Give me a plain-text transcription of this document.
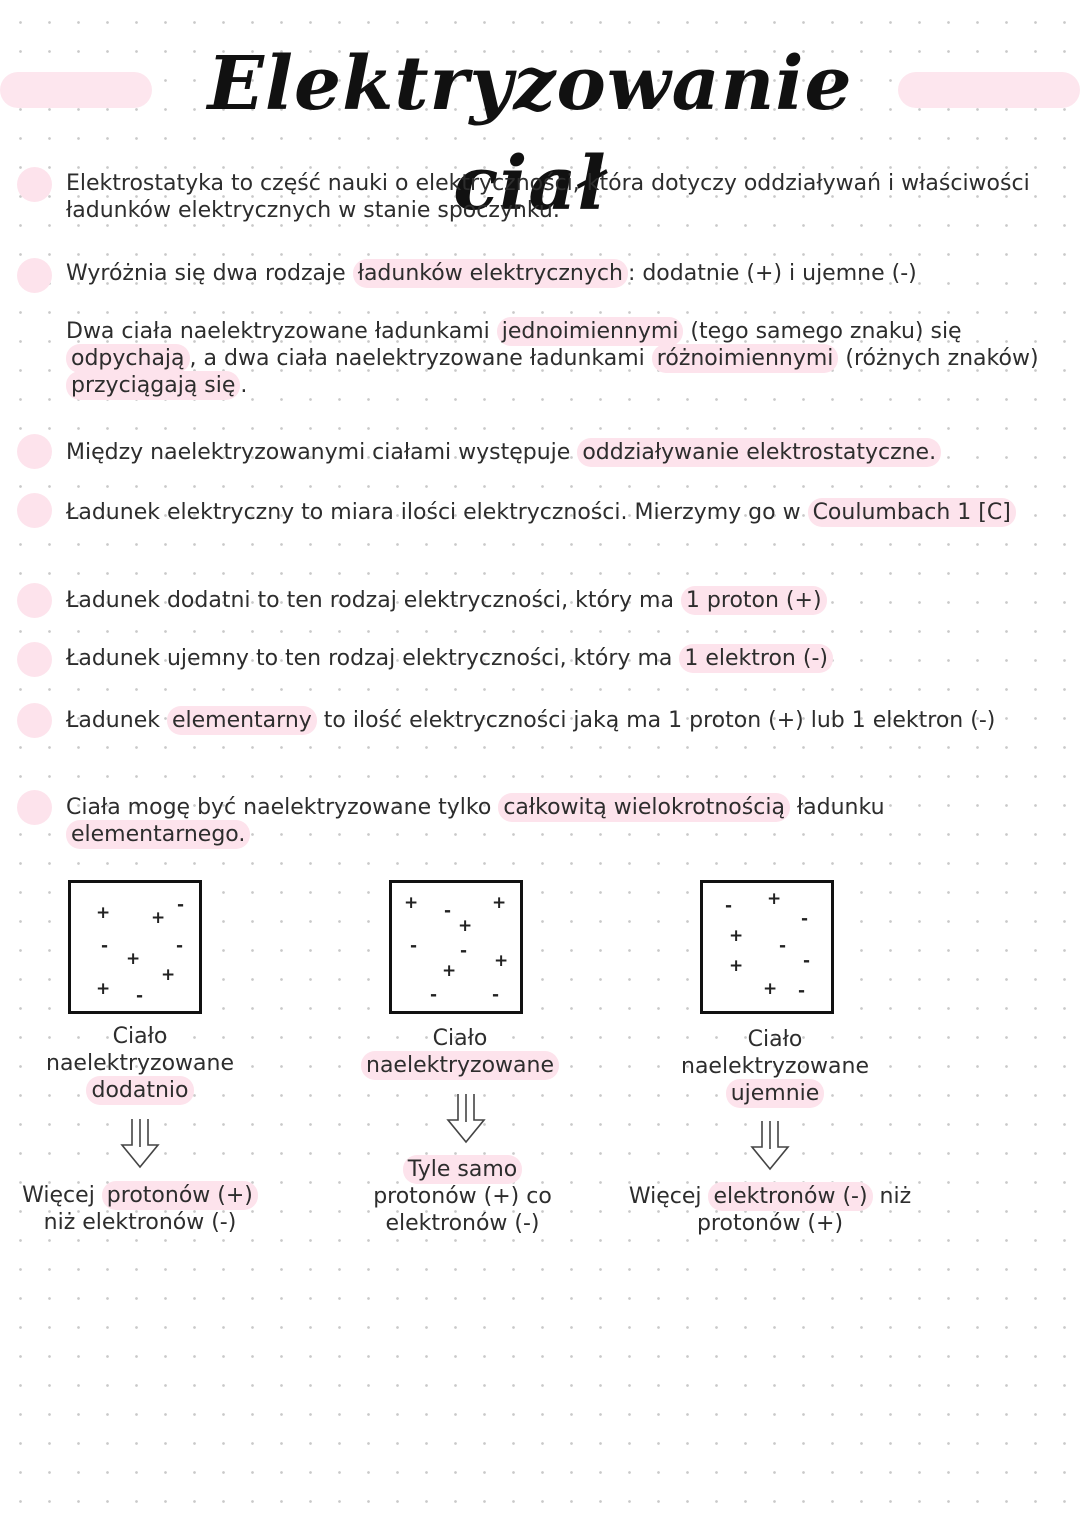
Elektryzowanie ciał
Elektrostatyka to część nauki o elektryczności, która dotyczy oddziaływań i właściwości ładunków elektrycznych w stanie spoczynku.
Wyróżnia się dwa rodzaje ładunków elektrycznych : dodatnie (+) i ujemne (-)
Dwa ciała naelektryzowane ładunkami jednoimiennymi (tego samego znaku) się odpychają , a dwa ciała naelektryzowane ładunkami różnoimiennymi (różnych znaków) przyciągają się .
Między naelektryzowanymi ciałami występuje oddziaływanie elektrostatyczne.
Ładunek elektryczny to miara ilości elektryczności. Mierzymy go w Coulumbach 1 [C]
Ładunek dodatni to ten rodzaj elektryczności, który ma 1 proton (+)
Ładunek ujemny to ten rodzaj elektryczności, który ma 1 elektron (-)
Ładunek elementarny to ilość elektryczności jaką ma 1 proton (+) lub 1 elektron (-)
Ciała mogę być naelektryzowane tylko całkowitą wielokrotnością ładunku elementarnego.
+ +
-
-
+
-
+
+ -
Ciało naelektryzowane
dodatnio
Więcej protonów (+) niż elektronów (-)
+ - +
+
-	- +
+
-	-
Ciało
naelektryzowane
Tyle samo protonów (+) co elektronów (-)
- +
-
+ -
-
+
+ -
Ciało naelektryzowane
ujemnie
Więcej elektronów (-) niż protonów (+)
